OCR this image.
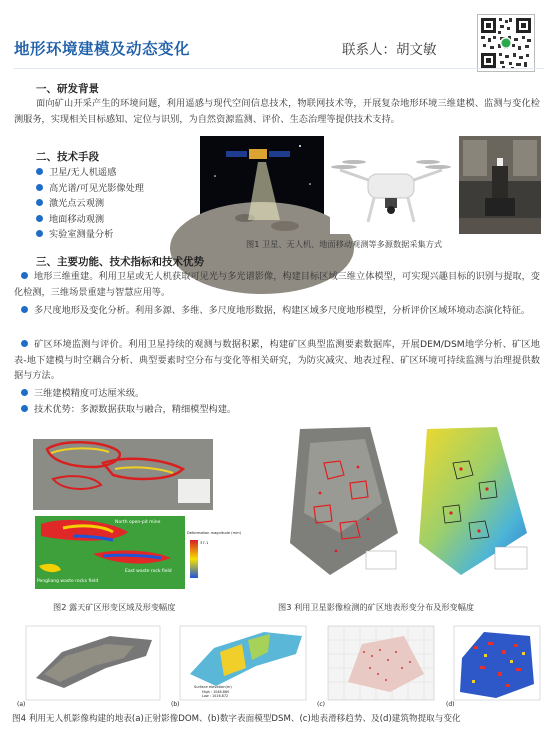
地形环境建模及动态变化	联系人：胡文敏
一、研发背景
面向矿山开采产生的环境问题，利用遥感与现代空间信息技术，物联网技术等，开展复杂地形环境三维建模、监测与变化检测服务，实现相关目标感知、定位与识别，为自然资源监测、评价、生态治理等提供技术支持。
二、技术手段
卫星/无人机遥感
高光谱/可见光影像处理
激光点云观测
地面移动观测
实验室测量分析
图1 卫星、无人机、地面移动观测等多源数据采集方式
三、主要功能、技术指标和技术优势
地形三维重建。利用卫星或无人机获取可见光与多光谱影像，构建目标区域三维立体模型，可实现兴趣目标的识别与提取，变化检测，三维场景重建与智慧应用等。
多尺度地形及变化分析。利用多源、多维、多尺度地形数据，构建区域多尺度地形模型，分析评价区域环境动态演化特征。
矿区环境监测与评价。利用卫星持续的观测与数据积累，构建矿区典型监测要素数据库，开展DEM/DSM地学分析、矿区地表-地下建模与时空耦合分析、典型要素时空分布与变化等相关研究，为防灾减灾、地表过程、矿区环境可持续监测与治理提供数据与方法。
三维建模精度可达厘米级。
技术优势：多源数据获取与融合，精细模型构建。
North open-pit mine
East waste rock field
Pengliang waste rocks field
Deformation magnitude (mm)
37.1
图2 露天矿区形变区域及形变幅度	图3 利用卫星影像检测的矿区地表形变分布及形变幅度
(a)
Surface elevation(m)
High : 1048.860
Low : 1016.872
(b)	(c)	(d)
图4 利用无人机影像构建的地表(a)正射影像DOM、(b)数字表面模型DSM、(c)地表滑移趋势、及(d)建筑物提取与变化
